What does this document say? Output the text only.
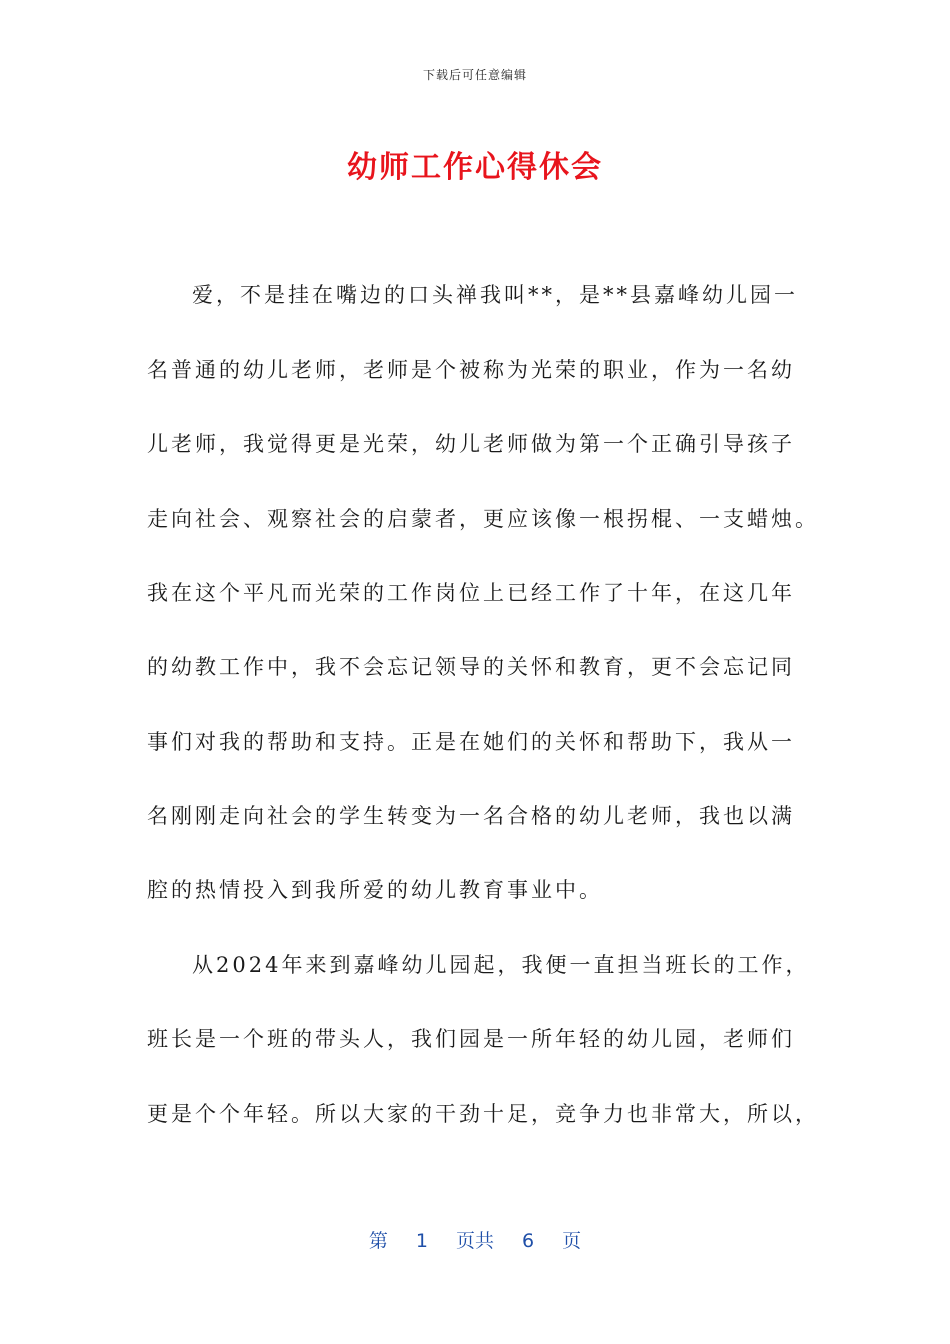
下载后可任意编辑
幼师工作心得休会
爱，不是挂在嘴边的口头禅我叫**，是**县嘉峰幼儿园一
名普通的幼儿老师，老师是个被称为光荣的职业，作为一名幼
儿老师，我觉得更是光荣，幼儿老师做为第一个正确引导孩子
走向社会、观察社会的启蒙者，更应该像一根拐棍、一支蜡烛。
我在这个平凡而光荣的工作岗位上已经工作了十年，在这几年
的幼教工作中，我不会忘记领导的关怀和教育，更不会忘记同
事们对我的帮助和支持。正是在她们的关怀和帮助下，我从一
名刚刚走向社会的学生转变为一名合格的幼儿老师，我也以满
腔的热情投入到我所爱的幼儿教育事业中。
从2024年来到嘉峰幼儿园起，我便一直担当班长的工作，
班长是一个班的带头人，我们园是一所年轻的幼儿园，老师们
更是个个年轻。所以大家的干劲十足，竞争力也非常大，所以，
第 1 页共 6 页
